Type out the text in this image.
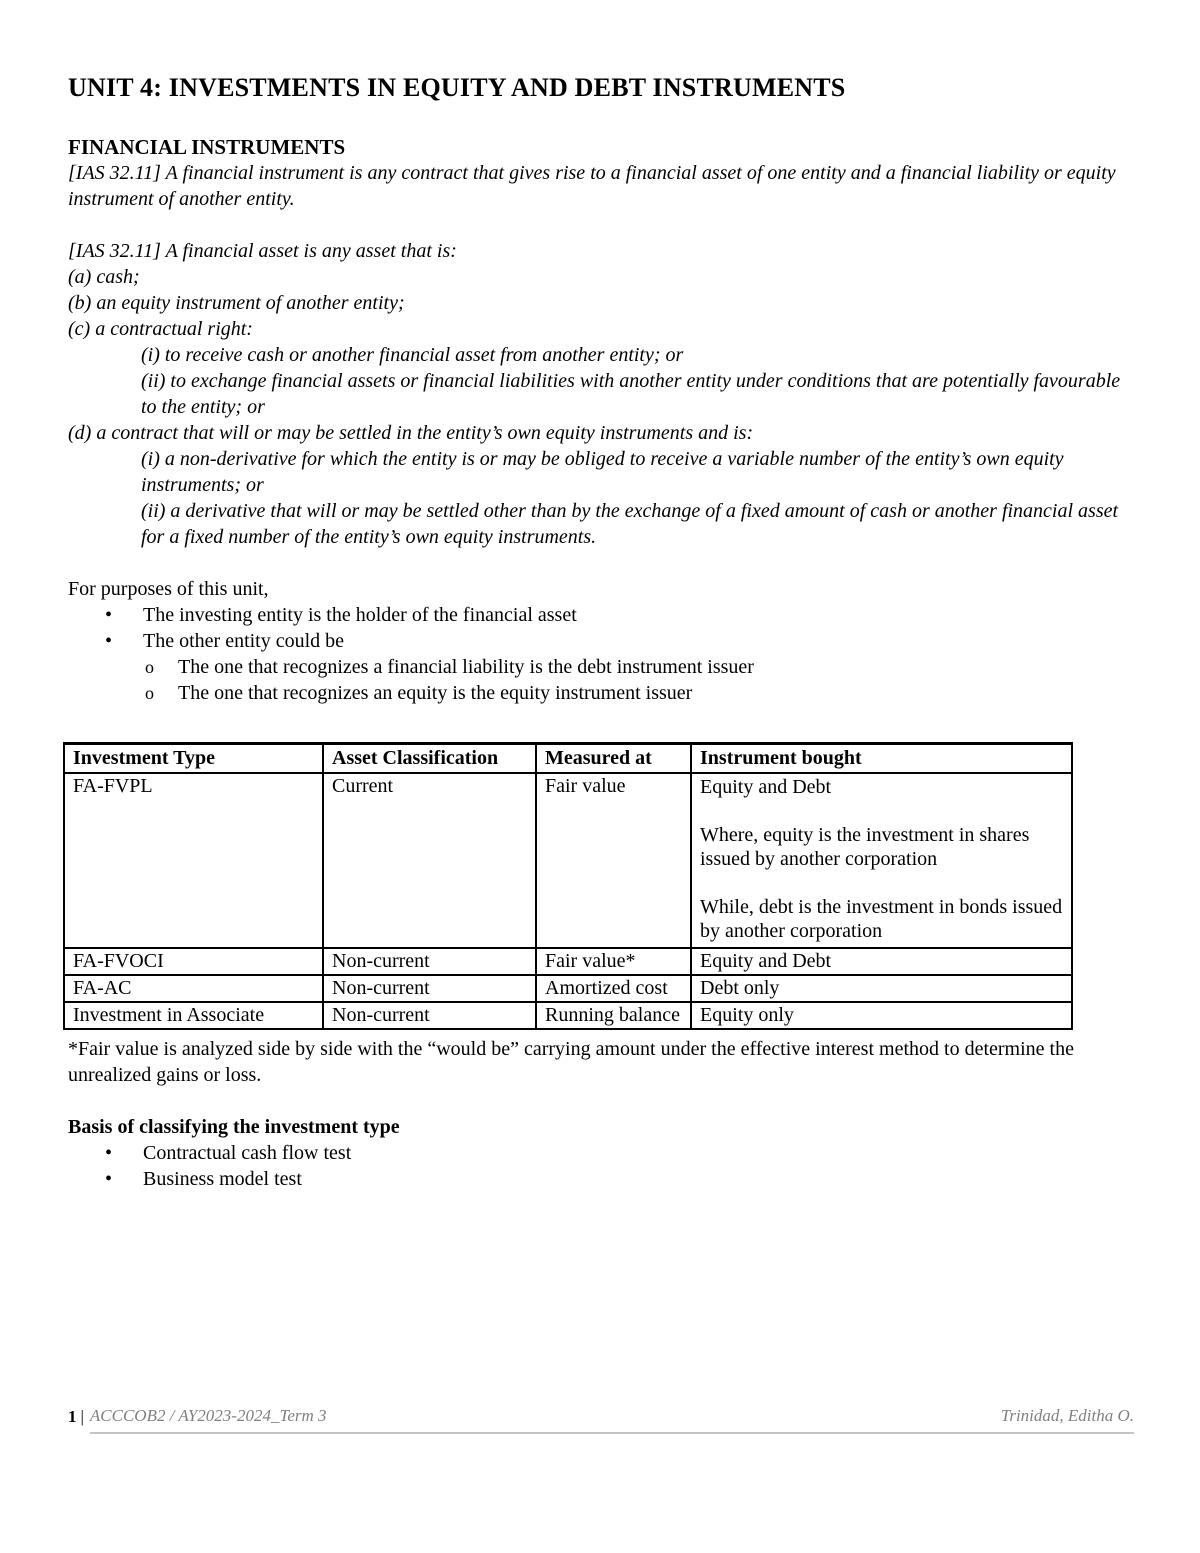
UNIT 4: INVESTMENTS IN EQUITY AND DEBT INSTRUMENTS
FINANCIAL INSTRUMENTS

[IAS 32.11] A financial instrument is any contract that gives rise to a financial asset of one entity and a financial liability or equity instrument of another entity.

[IAS 32.11] A financial asset is any asset that is:

(a) cash;

(b) an equity instrument of another entity;

(c) a contractual right:

(i) to receive cash or another financial asset from another entity; or

(ii) to exchange financial assets or financial liabilities with another entity under conditions that are potentially favourable to the entity; or

(d) a contract that will or may be settled in the entity’s own equity instruments and is:

(i) a non-derivative for which the entity is or may be obliged to receive a variable number of the entity’s own equity instruments; or

(ii) a derivative that will or may be settled other than by the exchange of a fixed amount of cash or another financial asset for a fixed number of the entity’s own equity instruments.

For purposes of this unit,

• The investing entity is the holder of the financial asset
• The other entity could be
o The one that recognizes a financial liability is the debt instrument issuer
o The one that recognizes an equity is the equity instrument issuer
Investment Type	Asset Classification	Measured at	Instrument bought
FA-FVPL	Current	Fair value	Equity and Debt

Where, equity is the investment in shares issued by another corporation

While, debt is the investment in bonds issued by another corporation

FA-FVOCI	Non-current	Fair value*	Equity and Debt
FA-AC	Non-current	Amortized cost	Debt only
Investment in Associate	Non-current	Running balance	Equity only

*Fair value is analyzed side by side with the “would be” carrying amount under the effective interest method to determine the unrealized gains or loss.

Basis of classifying the investment type

• Contractual cash flow test
• Business model test
1 | ACCCOB2 / AY2023-2024_Term 3	Trinidad, Editha O.
